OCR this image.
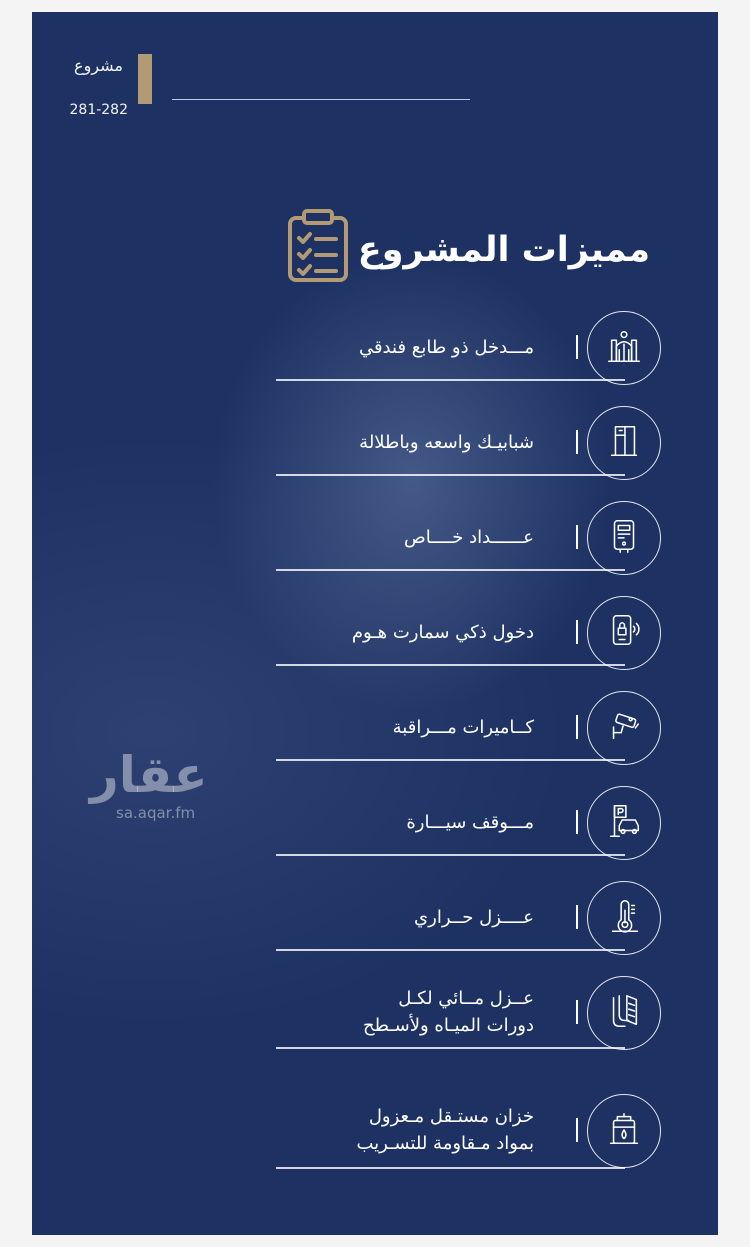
مشروع
281-282
مميزات المشروع
مـــدخل ذو طابع فندقي
شبابيـك واسعه وباطلالة
عــــــداد خــــاص
دخول ذكي سمارت هـوم
كــاميرات مـــراقبة
مـــوقف سيـــارة
عــــزل حــراري
عــزل مــائي لكـل
دورات الميـاه ولأسـطح
خزان مستـقل مـعزول
بمواد مـقاومة للتسـريب
عقار
sa.aqar.fm
